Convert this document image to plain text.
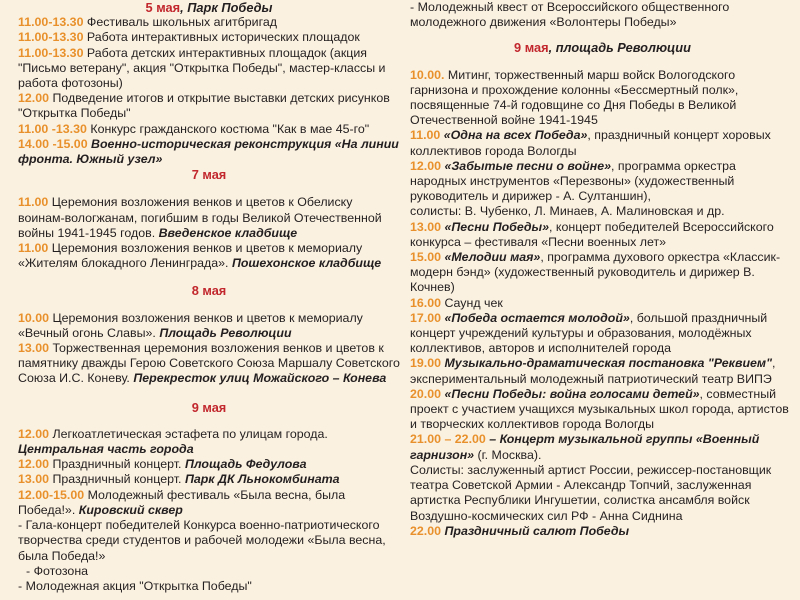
5 мая, Парк Победы

11.00-13.30 Фестиваль школьных агитбригад

11.00-13.30 Работа интерактивных исторических площадок

11.00-13.30 Работа детских интерактивных площадок (акция "Письмо ветерану", акция "Открытка Победы", мастер-классы и работа фотозоны)

12.00 Подведение итогов и открытие выставки детских рисунков "Открытка Победы"

11.00 -13.30 Конкурс гражданского костюма "Как в мае 45-го"

14.00 -15.00 Военно-историческая реконструкция «На линии фронта. Южный узел»

7 мая

11.00 Церемония возложения венков и цветов к Обелиску воинам-вологжанам, погибшим в годы Великой Отечественной войны 1941-1945 годов. Введенское кладбище

11.00 Церемония возложения венков и цветов к мемориалу «Жителям блокадного Ленинграда». Пошехонское кладбище

8 мая

10.00 Церемония возложения венков и цветов к мемориалу «Вечный огонь Славы». Площадь Революции

13.00 Торжественная церемония возложения венков и цветов к памятнику дважды Герою Советского Союза Маршалу Советского Союза И.С. Коневу. Перекресток улиц Можайского – Конева

9 мая

12.00 Легкоатлетическая эстафета по улицам города. Центральная часть города

12.00 Праздничный концерт. Площадь Федулова

13.00 Праздничный концерт. Парк ДК Льнокомбината

12.00-15.00 Молодежный фестиваль «Была весна, была Победа!». Кировский сквер

- Гала-концерт победителей Конкурса военно-патриотического творчества среди студентов и рабочей молодежи «Была весна, была Победа!»

- Фотозона

- Молодежная акция "Открытка Победы"

- Молодежный квест от Всероссийского общественного молодежного движения «Волонтеры Победы»

9 мая, площадь Революции

10.00. Митинг, торжественный марш войск Вологодского гарнизона и прохождение колонны «Бессмертный полк», посвященные 74-й годовщине со Дня Победы в Великой Отечественной войне 1941-1945

11.00 «Одна на всех Победа», праздничный концерт хоровых коллективов города Вологды

12.00 «Забытые песни о войне», программа оркестра народных инструментов «Перезвоны» (художественный руководитель и дирижер - А. Султаншин),

солисты: В. Чубенко, Л. Минаев, А. Малиновская и др.

13.00 «Песни Победы», концерт победителей Всероссийского конкурса – фестиваля «Песни военных лет»

15.00 «Мелодии мая», программа духового оркестра «Классик-модерн бэнд» (художественный руководитель и дирижер В. Кочнев)

16.00 Саунд чек

17.00 «Победа остается молодой», большой праздничный концерт учреждений культуры и образования, молодёжных коллективов, авторов и исполнителей города

19.00 Музыкально-драматическая постановка "Реквием", экспериментальный молодежный патриотический театр ВИПЭ

20.00 «Песни Победы: война голосами детей», совместный проект с участием учащихся музыкальных школ города, артистов и творческих коллективов города Вологды

21.00 – 22.00 – Концерт музыкальной группы «Военный гарнизон» (г. Москва).

Солисты: заслуженный артист России, режиссер-постановщик театра Советской Армии - Александр Топчий, заслуженная артистка Республики Ингушетии, солистка ансамбля войск Воздушно-космических сил РФ - Анна Сиднина

22.00 Праздничный салют Победы
